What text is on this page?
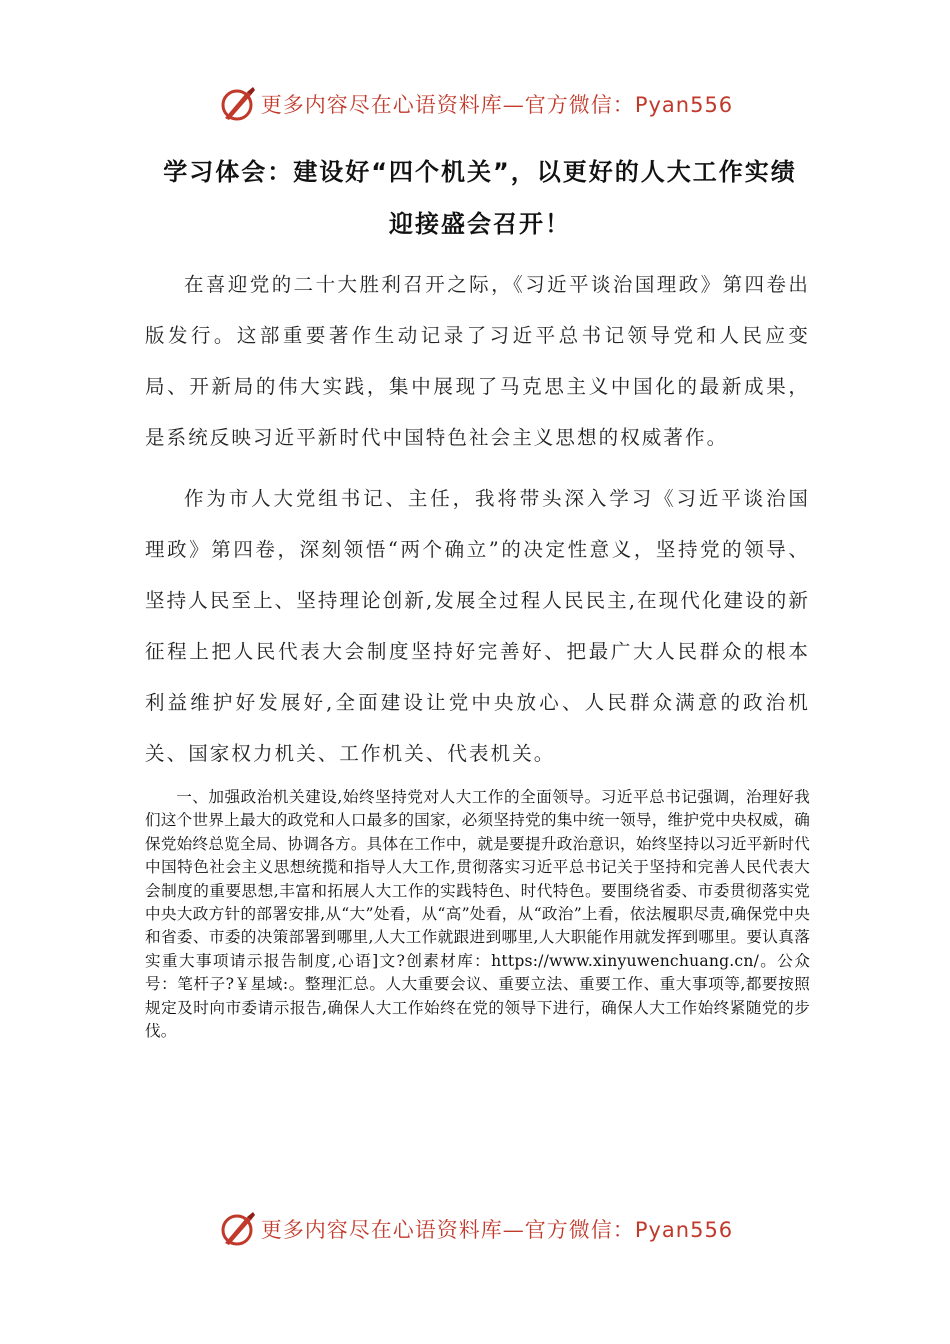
更多内容尽在心语资料库—官方微信：Pyan556
学习体会：建设好“四个机关”，以更好的人大工作实绩
迎接盛会召开！

在喜迎党的二十大胜利召开之际，《习近平谈治国理政》第四卷出版发行。这部重要著作生动记录了习近平总书记领导党和人民应变局、开新局的伟大实践，集中展现了马克思主义中国化的最新成果，是系统反映习近平新时代中国特色社会主义思想的权威著作。

作为市人大党组书记、主任，我将带头深入学习《习近平谈治国理政》第四卷，深刻领悟“两个确立”的决定性意义，坚持党的领导、坚持人民至上、坚持理论创新,发展全过程人民民主,在现代化建设的新征程上把人民代表大会制度坚持好完善好、把最广大人民群众的根本利益维护好发展好,全面建设让党中央放心、人民群众满意的政治机关、国家权力机关、工作机关、代表机关。

一、加强政治机关建设,始终坚持党对人大工作的全面领导。习近平总书记强调，治理好我们这个世界上最大的政党和人口最多的国家，必须坚持党的集中统一领导，维护党中央权威，确保党始终总览全局、协调各方。具体在工作中，就是要提升政治意识，始终坚持以习近平新时代中国特色社会主义思想统揽和指导人大工作,贯彻落实习近平总书记关于坚持和完善人民代表大会制度的重要思想,丰富和拓展人大工作的实践特色、时代特色。要围绕省委、市委贯彻落实党中央大政方针的部署安排,从“大”处看，从“高”处看，从“政治”上看，依法履职尽责,确保党中央和省委、市委的决策部署到哪里,人大工作就跟进到哪里,人大职能作用就发挥到哪里。要认真落实重大事项请示报告制度,心语]文?创素材库：https://www.xinyuwenchuang.cn/。公众号：笔杆子?￥星域:。整理汇总。人大重要会议、重要立法、重要工作、重大事项等,都要按照规定及时向市委请示报告,确保人大工作始终在党的领导下进行，确保人大工作始终紧随党的步伐。

更多内容尽在心语资料库—官方微信：Pyan556
